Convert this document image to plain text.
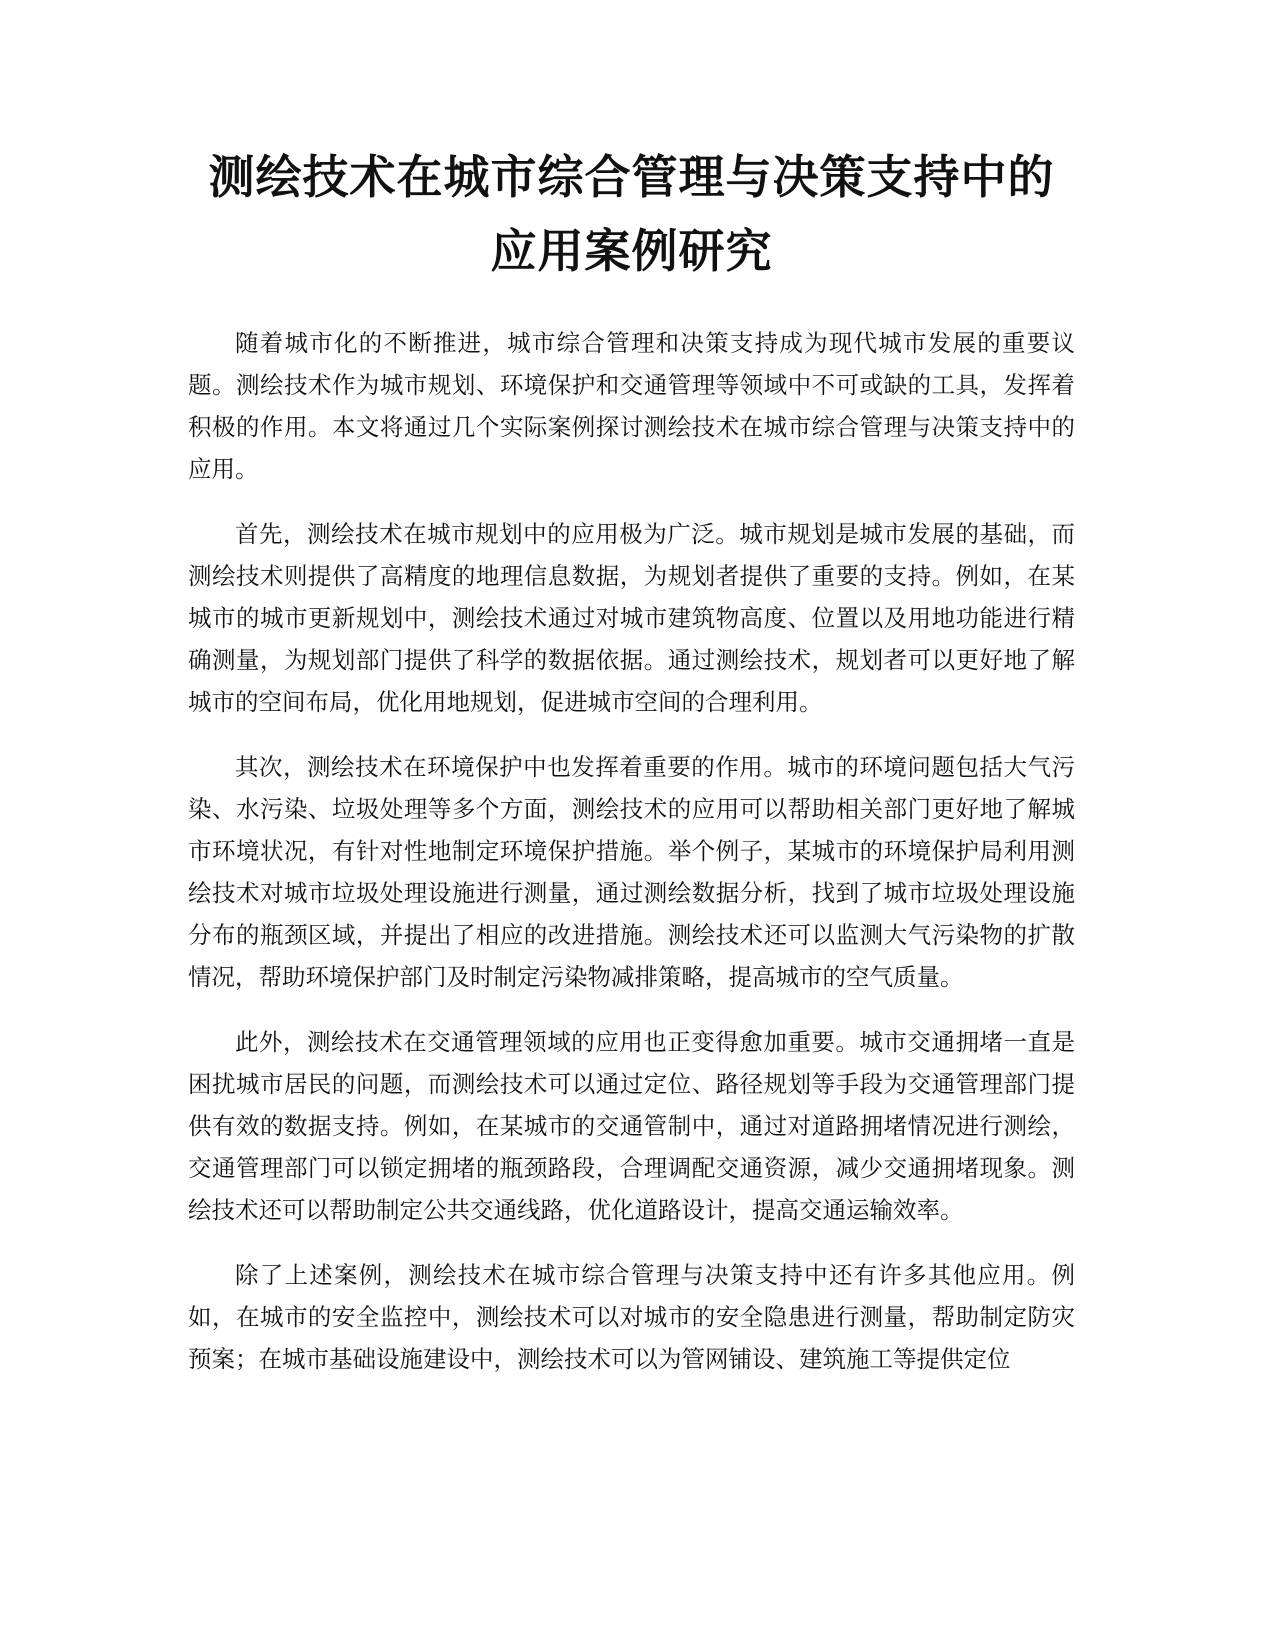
测绘技术在城市综合管理与决策支持中的应用案例研究

随着城市化的不断推进，城市综合管理和决策支持成为现代城市发展的重要议题。测绘技术作为城市规划、环境保护和交通管理等领域中不可或缺的工具，发挥着积极的作用。本文将通过几个实际案例探讨测绘技术在城市综合管理与决策支持中的应用。

首先，测绘技术在城市规划中的应用极为广泛。城市规划是城市发展的基础，而测绘技术则提供了高精度的地理信息数据，为规划者提供了重要的支持。例如，在某城市的城市更新规划中，测绘技术通过对城市建筑物高度、位置以及用地功能进行精确测量，为规划部门提供了科学的数据依据。通过测绘技术，规划者可以更好地了解城市的空间布局，优化用地规划，促进城市空间的合理利用。

其次，测绘技术在环境保护中也发挥着重要的作用。城市的环境问题包括大气污染、水污染、垃圾处理等多个方面，测绘技术的应用可以帮助相关部门更好地了解城市环境状况，有针对性地制定环境保护措施。举个例子，某城市的环境保护局利用测绘技术对城市垃圾处理设施进行测量，通过测绘数据分析，找到了城市垃圾处理设施分布的瓶颈区域，并提出了相应的改进措施。测绘技术还可以监测大气污染物的扩散情况，帮助环境保护部门及时制定污染物减排策略，提高城市的空气质量。

此外，测绘技术在交通管理领域的应用也正变得愈加重要。城市交通拥堵一直是困扰城市居民的问题，而测绘技术可以通过定位、路径规划等手段为交通管理部门提供有效的数据支持。例如，在某城市的交通管制中，通过对道路拥堵情况进行测绘，交通管理部门可以锁定拥堵的瓶颈路段，合理调配交通资源，减少交通拥堵现象。测绘技术还可以帮助制定公共交通线路，优化道路设计，提高交通运输效率。

除了上述案例，测绘技术在城市综合管理与决策支持中还有许多其他应用。例如，在城市的安全监控中，测绘技术可以对城市的安全隐患进行测量，帮助制定防灾预案；在城市基础设施建设中，测绘技术可以为管网铺设、建筑施工等提供定位
